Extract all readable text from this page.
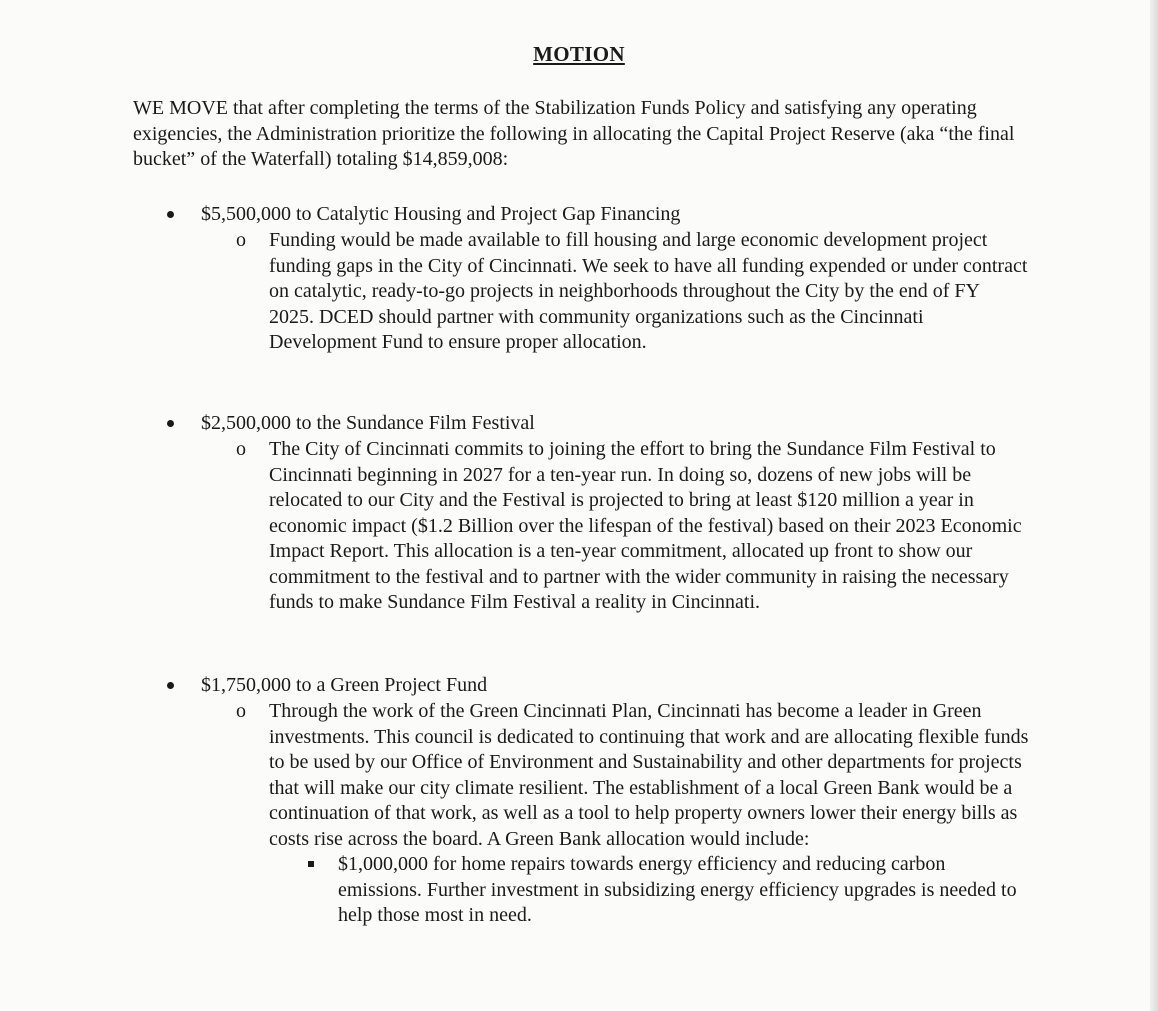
MOTION

WE MOVE that after completing the terms of the Stabilization Funds Policy and satisfying any operating exigencies, the Administration prioritize the following in allocating the Capital Project Reserve (aka “the final bucket” of the Waterfall) totaling $14,859,008:

$5,500,000 to Catalytic Housing and Project Gap Financing
o Funding would be made available to fill housing and large economic development project funding gaps in the City of Cincinnati. We seek to have all funding expended or under contract on catalytic, ready-to-go projects in neighborhoods throughout the City by the end of FY 2025. DCED should partner with community organizations such as the Cincinnati Development Fund to ensure proper allocation.

$2,500,000 to the Sundance Film Festival
o The City of Cincinnati commits to joining the effort to bring the Sundance Film Festival to Cincinnati beginning in 2027 for a ten-year run. In doing so, dozens of new jobs will be relocated to our City and the Festival is projected to bring at least $120 million a year in economic impact ($1.2 Billion over the lifespan of the festival) based on their 2023 Economic Impact Report. This allocation is a ten-year commitment, allocated up front to show our commitment to the festival and to partner with the wider community in raising the necessary funds to make Sundance Film Festival a reality in Cincinnati.

$1,750,000 to a Green Project Fund
o Through the work of the Green Cincinnati Plan, Cincinnati has become a leader in Green investments. This council is dedicated to continuing that work and are allocating flexible funds to be used by our Office of Environment and Sustainability and other departments for projects that will make our city climate resilient. The establishment of a local Green Bank would be a continuation of that work, as well as a tool to help property owners lower their energy bills as costs rise across the board. A Green Bank allocation would include:

$1,000,000 for home repairs towards energy efficiency and reducing carbon emissions. Further investment in subsidizing energy efficiency upgrades is needed to help those most in need.
